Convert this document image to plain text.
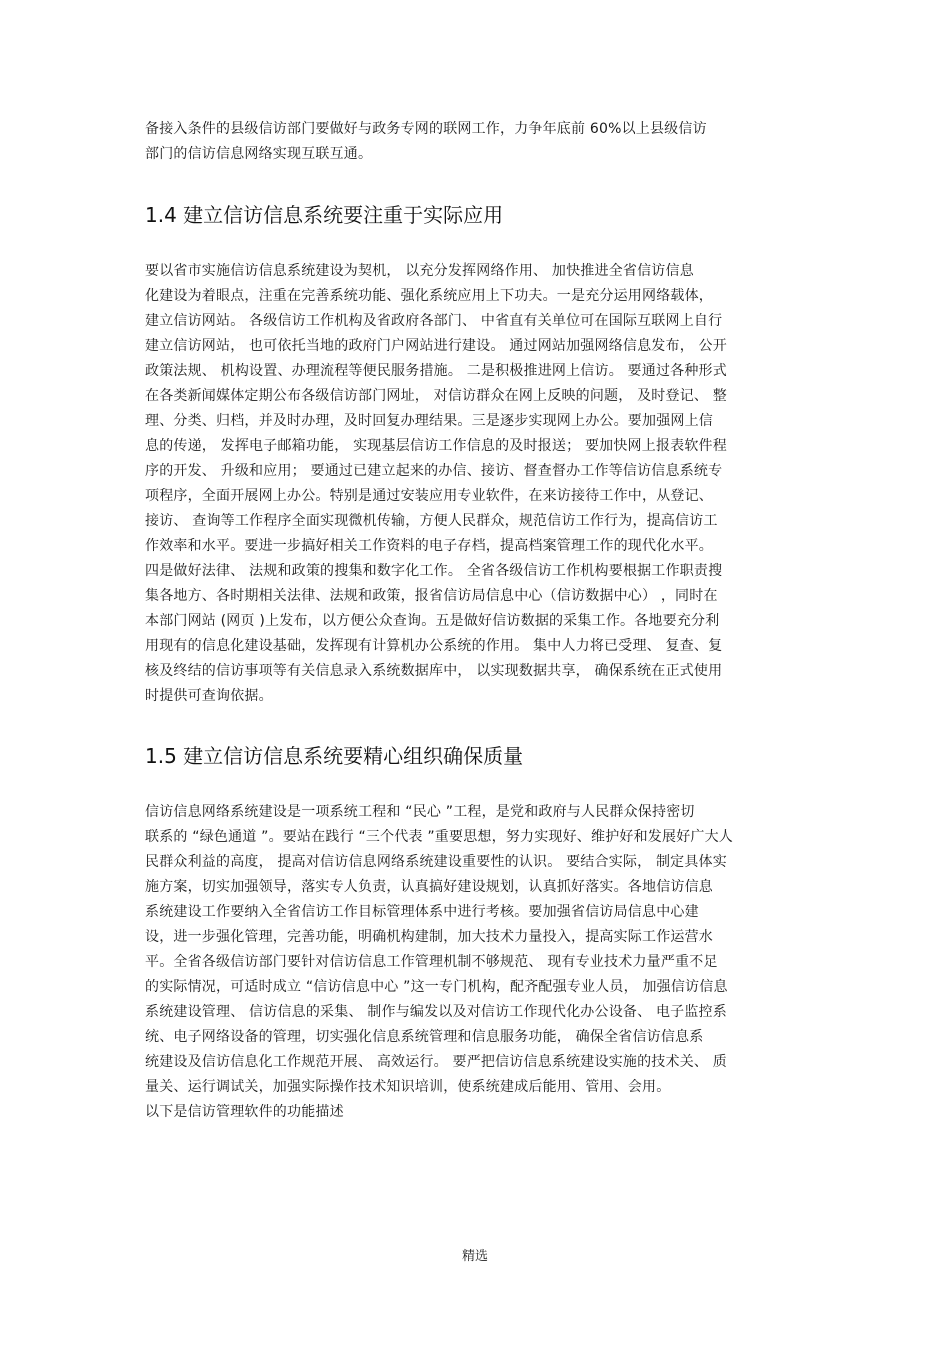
备接入条件的县级信访部门要做好与政务专网的联网工作，力争年底前 60%以上县级信访
部门的信访信息网络实现互联互通。
1.4 建立信访信息系统要注重于实际应用
要以省市实施信访信息系统建设为契机， 以充分发挥网络作用、 加快推进全省信访信息
化建设为着眼点，注重在完善系统功能、强化系统应用上下功夫。一是充分运用网络载体，
建立信访网站。 各级信访工作机构及省政府各部门、 中省直有关单位可在国际互联网上自行
建立信访网站， 也可依托当地的政府门户网站进行建设。 通过网站加强网络信息发布， 公开
政策法规、 机构设置、办理流程等便民服务措施。 二是积极推进网上信访。 要通过各种形式
在各类新闻媒体定期公布各级信访部门网址， 对信访群众在网上反映的问题， 及时登记、 整
理、分类、归档，并及时办理，及时回复办理结果。三是逐步实现网上办公。要加强网上信
息的传递， 发挥电子邮箱功能， 实现基层信访工作信息的及时报送； 要加快网上报表软件程
序的开发、 升级和应用； 要通过已建立起来的办信、接访、督查督办工作等信访信息系统专
项程序，全面开展网上办公。特别是通过安装应用专业软件，在来访接待工作中，从登记、
接访、 查询等工作程序全面实现微机传输，方便人民群众，规范信访工作行为，提高信访工
作效率和水平。要进一步搞好相关工作资料的电子存档，提高档案管理工作的现代化水平。
四是做好法律、 法规和政策的搜集和数字化工作。 全省各级信访工作机构要根据工作职责搜
集各地方、各时期相关法律、法规和政策，报省信访局信息中心（信访数据中心） ，同时在
本部门网站 (网页 )上发布，以方便公众查询。五是做好信访数据的采集工作。各地要充分利
用现有的信息化建设基础，发挥现有计算机办公系统的作用。 集中人力将已受理、 复查、复
核及终结的信访事项等有关信息录入系统数据库中， 以实现数据共享， 确保系统在正式使用
时提供可查询依据。
1.5 建立信访信息系统要精心组织确保质量
信访信息网络系统建设是一项系统工程和 “民心 ”工程，是党和政府与人民群众保持密切
联系的 “绿色通道 ”。要站在践行 “三个代表 ”重要思想，努力实现好、维护好和发展好广大人
民群众利益的高度， 提高对信访信息网络系统建设重要性的认识。 要结合实际， 制定具体实
施方案，切实加强领导，落实专人负责，认真搞好建设规划，认真抓好落实。各地信访信息
系统建设工作要纳入全省信访工作目标管理体系中进行考核。要加强省信访局信息中心建
设，进一步强化管理，完善功能，明确机构建制，加大技术力量投入，提高实际工作运营水
平。全省各级信访部门要针对信访信息工作管理机制不够规范、 现有专业技术力量严重不足
的实际情况，可适时成立 “信访信息中心 ”这一专门机构，配齐配强专业人员， 加强信访信息
系统建设管理、 信访信息的采集、 制作与编发以及对信访工作现代化办公设备、 电子监控系
统、电子网络设备的管理，切实强化信息系统管理和信息服务功能， 确保全省信访信息系
统建设及信访信息化工作规范开展、 高效运行。 要严把信访信息系统建设实施的技术关、 质
量关、运行调试关，加强实际操作技术知识培训，使系统建成后能用、管用、会用。
以下是信访管理软件的功能描述
精选
